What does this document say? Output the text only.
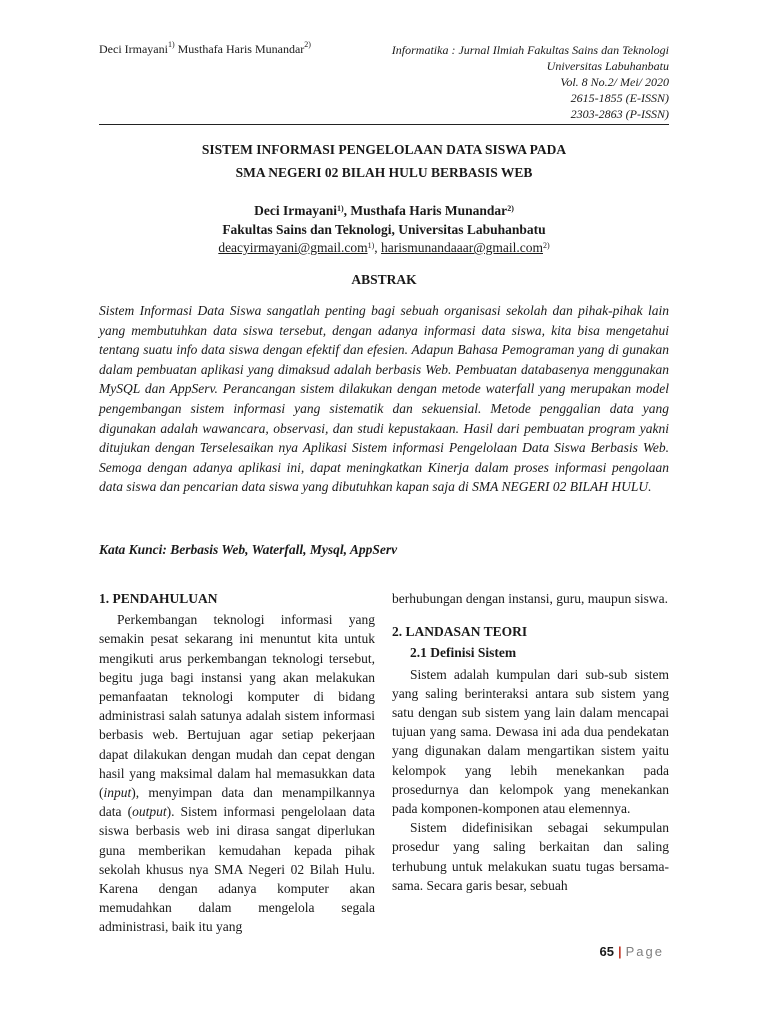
Deci Irmayani$^{1)}$ Musthafa Haris Munandar$^{2)}$	Informatika : Jurnal Ilmiah Fakultas Sains dan Teknologi
Universitas Labuhanbatu
Vol. 8 No.2/ Mei/ 2020
2615-1855 (E-ISSN)
2303-2863 (P-ISSN)
SISTEM INFORMASI PENGELOLAAN DATA SISWA PADA
SMA NEGERI 02 BILAH HULU BERBASIS WEB
Deci Irmayani$^{1)}$, Musthafa Haris Munandar$^{2)}$
Fakultas Sains dan Teknologi, Universitas Labuhanbatu
deacyirmayani@gmail.com$^{1)}$, harismunandaaar@gmail.com$^{2)}$
ABSTRAK
Sistem Informasi Data Siswa sangatlah penting bagi sebuah organisasi sekolah dan pihak-pihak lain yang membutuhkan data siswa tersebut, dengan adanya informasi data siswa, kita bisa mengetahui tentang suatu info data siswa dengan efektif dan efesien. Adapun Bahasa Pemograman yang di gunakan dalam pembuatan aplikasi yang dimaksud adalah berbasis Web. Pembuatan databasenya menggunakan MySQL dan AppServ. Perancangan sistem dilakukan dengan metode waterfall yang merupakan model pengembangan sistem informasi yang sistematik dan sekuensial. Metode penggalian data yang digunakan adalah wawancara, observasi, dan studi kepustakaan. Hasil dari pembuatan program yakni ditujukan dengan Terselesaikan nya Aplikasi Sistem informasi Pengelolaan Data Siswa Berbasis Web. Semoga dengan adanya aplikasi ini, dapat meningkatkan Kinerja dalam proses informasi pengolaan data siswa dan pencarian data siswa yang dibutuhkan kapan saja di SMA NEGERI 02 BILAH HULU.
Kata Kunci: Berbasis Web, Waterfall, Mysql, AppServ
1. PENDAHULUAN

Perkembangan teknologi informasi yang semakin pesat sekarang ini menuntut kita untuk mengikuti arus perkembangan teknologi tersebut, begitu juga bagi instansi yang akan melakukan pemanfaatan teknologi komputer di bidang administrasi salah satunya adalah sistem informasi berbasis web. Bertujuan agar setiap pekerjaan dapat dilakukan dengan mudah dan cepat dengan hasil yang maksimal dalam hal memasukkan data (input), menyimpan data dan menampilkannya data (output). Sistem informasi pengelolaan data siswa berbasis web ini dirasa sangat diperlukan guna memberikan kemudahan kepada pihak sekolah khusus nya SMA Negeri 02 Bilah Hulu. Karena dengan adanya komputer akan memudahkan dalam mengelola segala administrasi, baik itu yang

berhubungan dengan instansi, guru, maupun siswa.

2. LANDASAN TEORI
2.1 Definisi Sistem

Sistem adalah kumpulan dari sub-sub sistem yang saling berinteraksi antara sub sistem yang satu dengan sub sistem yang lain dalam mencapai tujuan yang sama. Dewasa ini ada dua pendekatan yang digunakan dalam mengartikan sistem yaitu kelompok yang lebih menekankan pada prosedurnya dan kelompok yang menekankan pada komponen-komponen atau elemennya.

Sistem didefinisikan sebagai sekumpulan prosedur yang saling berkaitan dan saling terhubung untuk melakukan suatu tugas bersama-sama. Secara garis besar, sebuah

65 | Page
